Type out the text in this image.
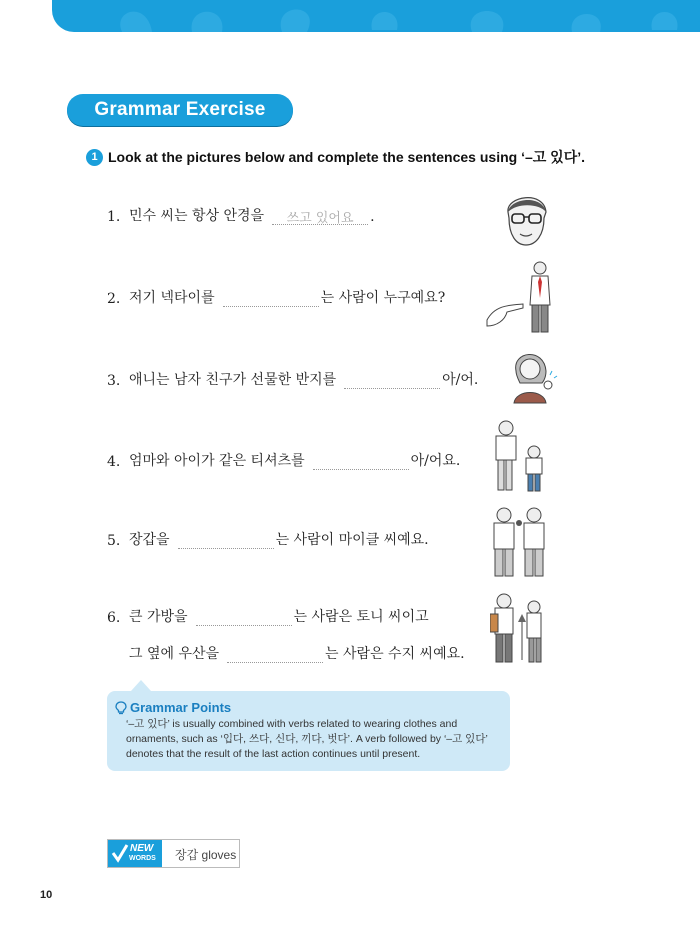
Grammar Exercise
1 Look at the pictures below and complete the sentences using ‘–고 있다’.
1. 민수 씨는 항상 안경을	쓰고 있어요	.
2. 저기 넥타이를	는 사람이 누구예요?
3. 애니는 남자 친구가 선물한 반지를	아/어.
4. 엄마와 아이가 같은 티셔츠를	아/어요.
5. 장갑을	는 사람이 마이클 씨예요.
6. 큰 가방을	는 사람은 토니 씨이고
그 옆에 우산을	는 사람은 수지 씨예요.
Grammar Points
‘–고 있다’ is usually combined with verbs related to wearing clothes and ornaments, such as ‘입다, 쓰다, 신다, 끼다, 벗다’. A verb followed by ‘–고 있다’ denotes that the result of the last action continues until present.
NEW
WORDS 장갑 gloves
10
